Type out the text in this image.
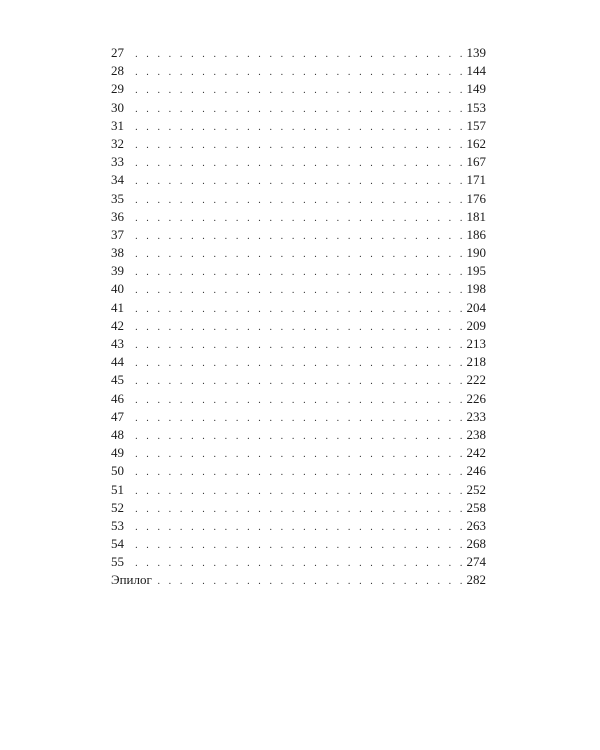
27 . . .	139
28 . . .	144
29 . . .	149
30 . . .	153
31 . . .	157
32 . . .	162
33 . . .	167
34 . . .	171
35 . . .	176
36 . . .	181
37 . . .	186
38 . . .	190
39 . . .	195
40 . . .	198
41 . . .	204
42 . . .	209
43 . . .	213
44 . . .	218
45 . . .	222
46 . . .	226
47 . . .	233
48 . . .	238
49 . . .	242
50 . . .	246
51 . . .	252
52 . . .	258
53 . . .	263
54 . . .	268
55 . . .	274
Эпилог . . .	282
